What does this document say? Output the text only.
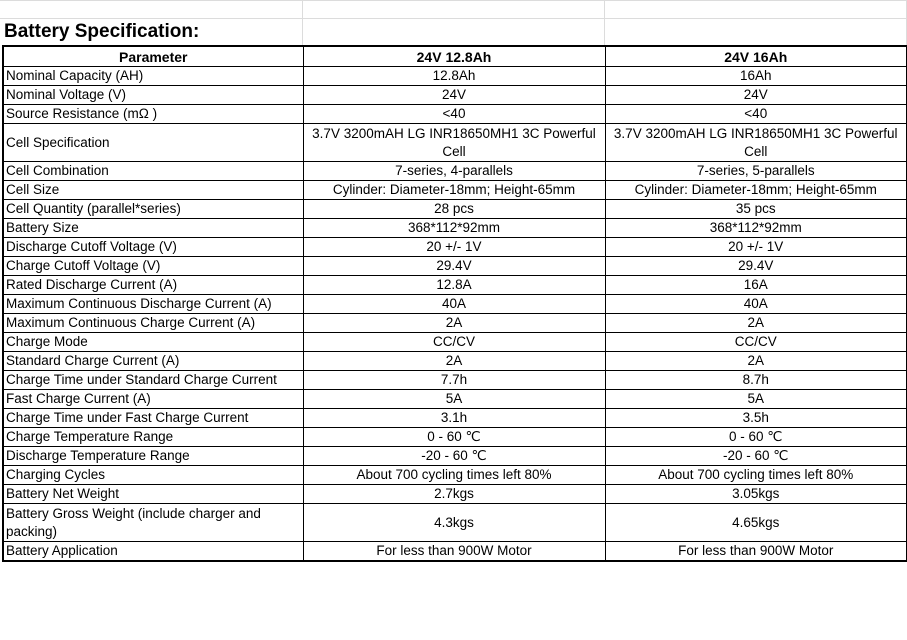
Battery Specification:
Parameter	24V 12.8Ah	24V 16Ah
Nominal Capacity (AH)	12.8Ah	16Ah
Nominal Voltage (V)	24V	24V
Source Resistance (mΩ )	<40	<40
Cell Specification	3.7V 3200mAH LG INR18650MH1 3C Powerful Cell	3.7V 3200mAH LG INR18650MH1 3C Powerful Cell
Cell Combination	7-series, 4-parallels	7-series, 5-parallels
Cell Size	Cylinder: Diameter-18mm; Height-65mm	Cylinder: Diameter-18mm; Height-65mm
Cell Quantity (parallel*series)	28 pcs	35 pcs
Battery Size	368*112*92mm	368*112*92mm
Discharge Cutoff Voltage (V)	20 +/- 1V	20 +/- 1V
Charge Cutoff Voltage (V)	29.4V	29.4V
Rated Discharge Current (A)	12.8A	16A
Maximum Continuous Discharge Current (A)	40A	40A
Maximum Continuous Charge Current (A)	2A	2A
Charge Mode	CC/CV	CC/CV
Standard Charge Current (A)	2A	2A
Charge Time under Standard Charge Current	7.7h	8.7h
Fast Charge Current (A)	5A	5A
Charge Time under Fast Charge Current	3.1h	3.5h
Charge Temperature Range	0 - 60 ℃	0 - 60 ℃
Discharge Temperature Range	-20 - 60 ℃	-20 - 60 ℃
Charging Cycles	About 700 cycling times left 80%	About 700 cycling times left 80%
Battery Net Weight	2.7kgs	3.05kgs
Battery Gross Weight (include charger and packing)	4.3kgs	4.65kgs
Battery Application	For less than 900W Motor	For less than 900W Motor
